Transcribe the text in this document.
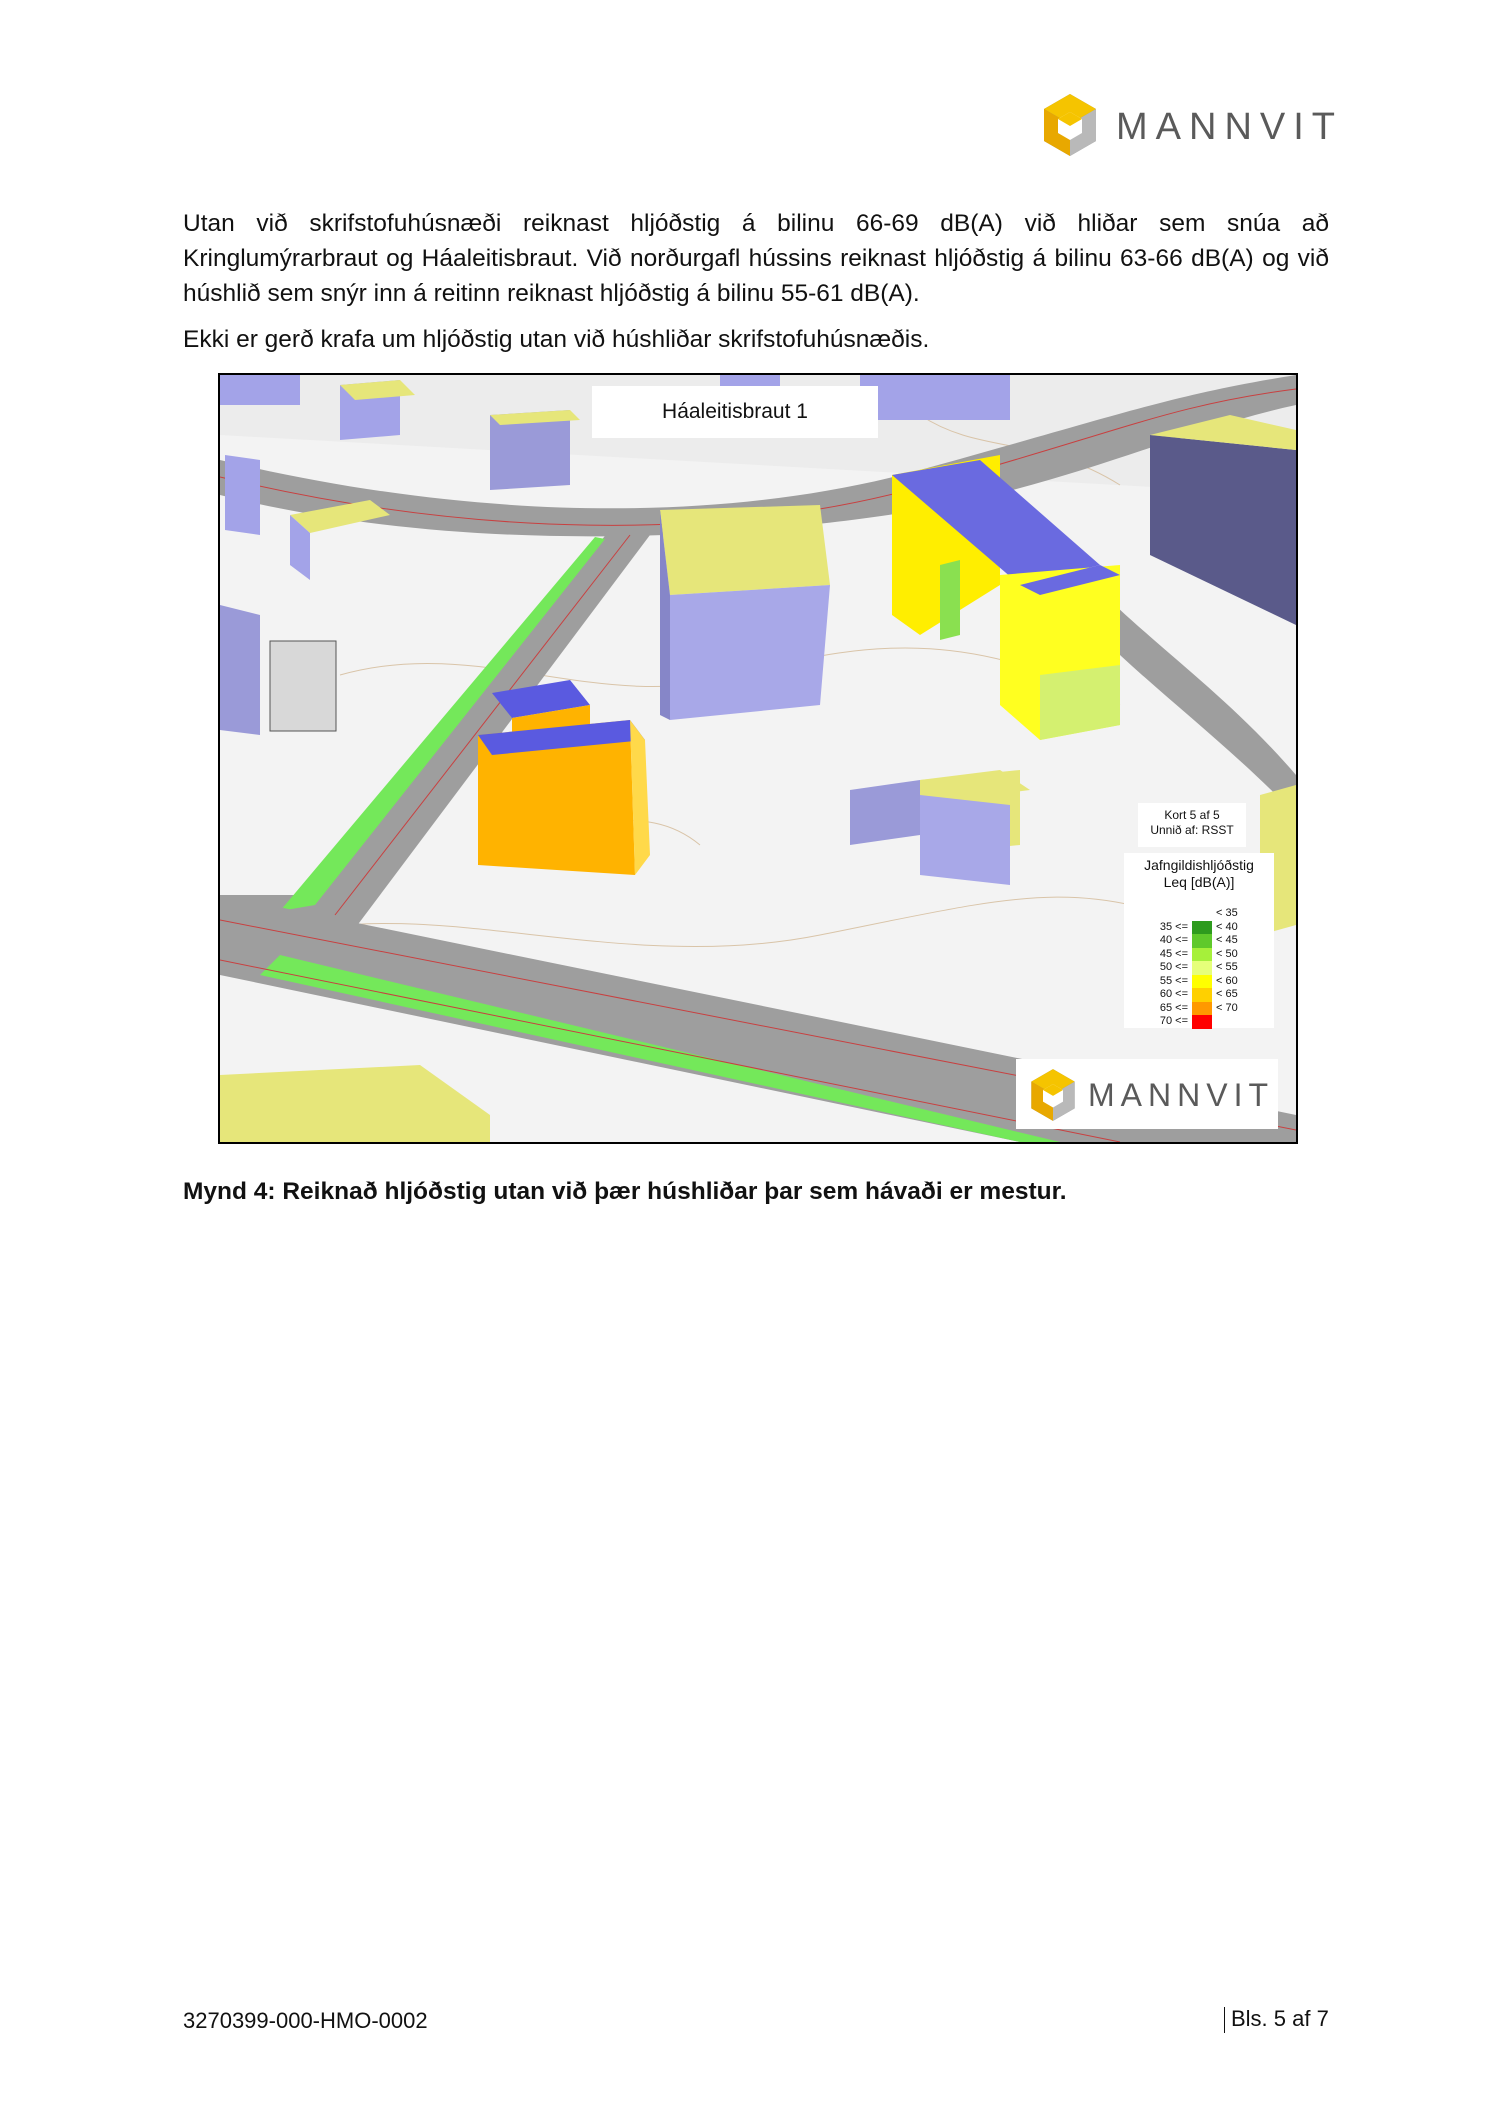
MANNVIT

Utan við skrifstofuhúsnæði reiknast hljóðstig á bilinu 66-69 dB(A) við hliðar sem snúa að Kringlumýrarbraut og Háaleitisbraut. Við norðurgafl hússins reiknast hljóðstig á bilinu 63-66 dB(A) og við húshlið sem snýr inn á reitinn reiknast hljóðstig á bilinu 55-61 dB(A).

Ekki er gerð krafa um hljóðstig utan við húshliðar skrifstofuhúsnæðis.

Háaleitisbraut 1
Kort 5 af 5
Unnið af: RSST
Jafngildishljóðstig
Leq [dB(A)]
< 35
35 <=	< 40
40 <=	< 45
45 <=	< 50
50 <=	< 55
55 <=	< 60
60 <=	< 65
65 <=	< 70
70 <=
MANNVIT

Mynd 4: Reiknað hljóðstig utan við þær húshliðar þar sem hávaði er mestur.

3270399-000-HMO-0002	Bls. 5 af 7
